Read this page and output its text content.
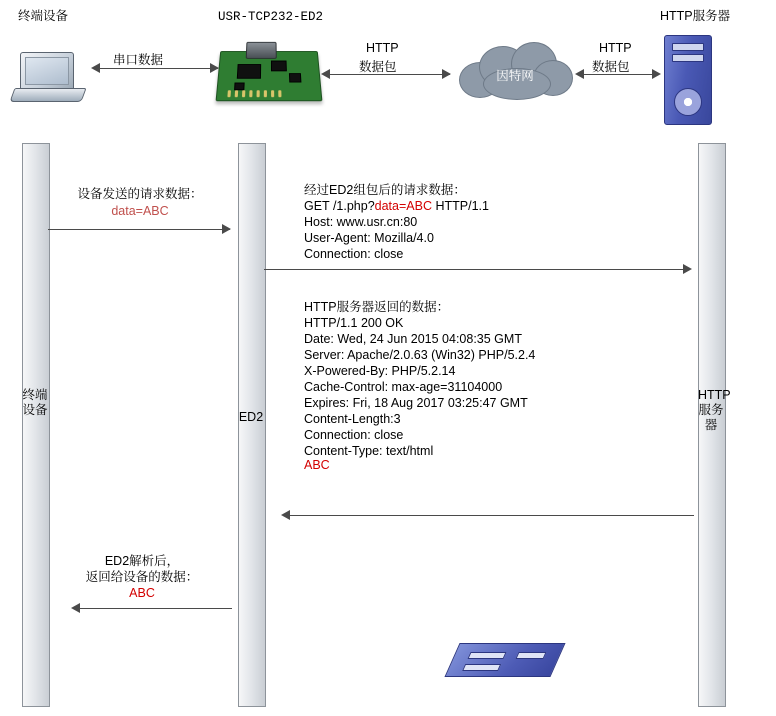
终端设备	USR-TCP232-ED2	HTTP服务器
因特网
串口数据
HTTP
数据包
HTTP
数据包
终端设备	ED2
HTTP服务器
设备发送的请求数据：
data=ABC
经过ED2组包后的请求数据：
GET /1.php?data=ABC HTTP/1.1
Host: www.usr.cn:80
User-Agent: Mozilla/4.0
Connection: close
HTTP服务器返回的数据：
HTTP/1.1 200 OK
Date: Wed, 24 Jun 2015 04:08:35 GMT
Server: Apache/2.0.63 (Win32) PHP/5.2.4
X-Powered-By: PHP/5.2.14
Cache-Control: max-age=31104000
Expires: Fri, 18 Aug 2017 03:25:47 GMT
Content-Length:3
Connection: close
Content-Type: text/html
ABC
ED2解析后，
返回给设备的数据：
ABC
